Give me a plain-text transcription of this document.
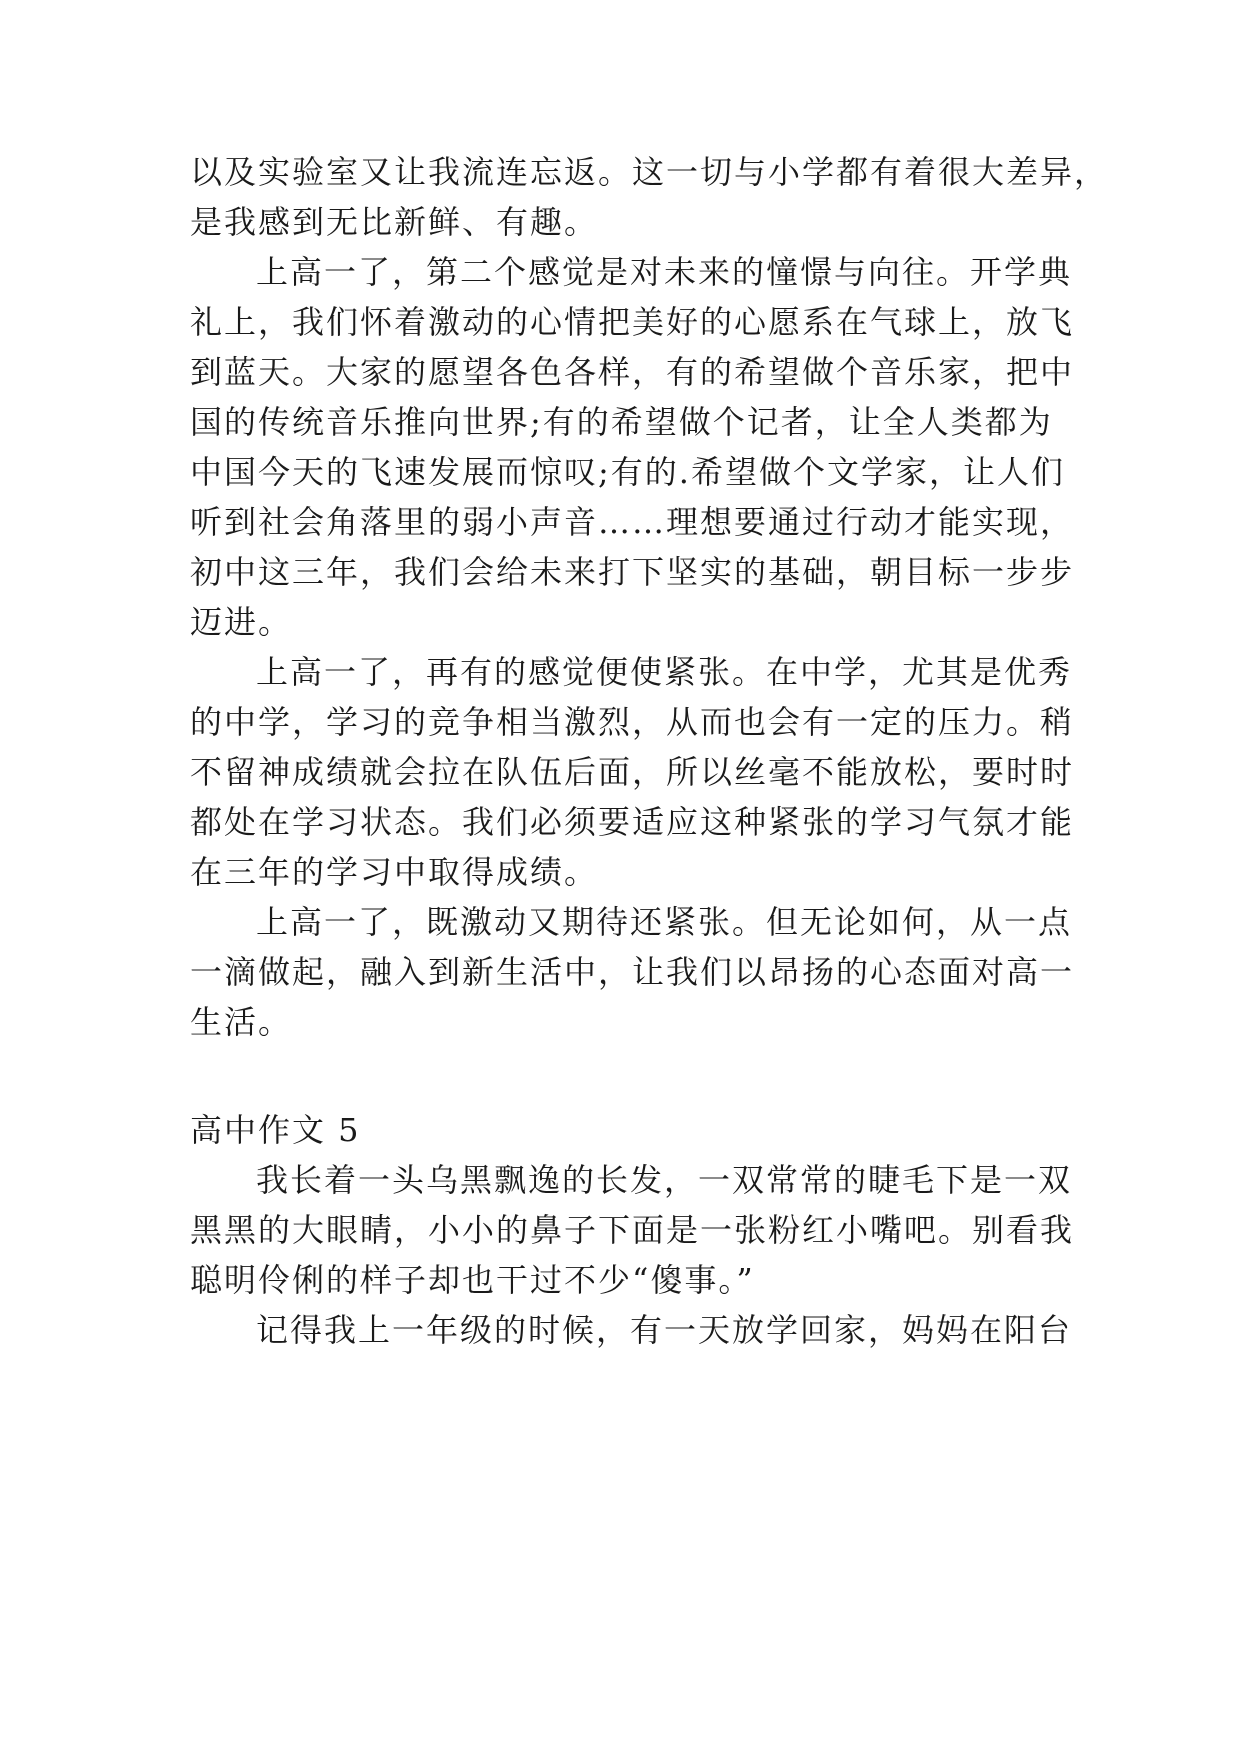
以及实验室又让我流连忘返。这一切与小学都有着很大差异，
是我感到无比新鲜、有趣。
上高一了，第二个感觉是对未来的憧憬与向往。开学典
礼上，我们怀着激动的心情把美好的心愿系在气球上，放飞
到蓝天。大家的愿望各色各样，有的希望做个音乐家，把中
国的传统音乐推向世界;有的希望做个记者，让全人类都为
中国今天的飞速发展而惊叹;有的.希望做个文学家，让人们
听到社会角落里的弱小声音……理想要通过行动才能实现，
初中这三年，我们会给未来打下坚实的基础，朝目标一步步
迈进。
上高一了，再有的感觉便使紧张。在中学，尤其是优秀
的中学，学习的竞争相当激烈，从而也会有一定的压力。稍
不留神成绩就会拉在队伍后面，所以丝毫不能放松，要时时
都处在学习状态。我们必须要适应这种紧张的学习气氛才能
在三年的学习中取得成绩。
上高一了，既激动又期待还紧张。但无论如何，从一点
一滴做起，融入到新生活中，让我们以昂扬的心态面对高一
生活。
高中作文 5
我长着一头乌黑飘逸的长发，一双常常的睫毛下是一双
黑黑的大眼睛，小小的鼻子下面是一张粉红小嘴吧。别看我
聪明伶俐的样子却也干过不少“傻事。”
记得我上一年级的时候，有一天放学回家，妈妈在阳台
